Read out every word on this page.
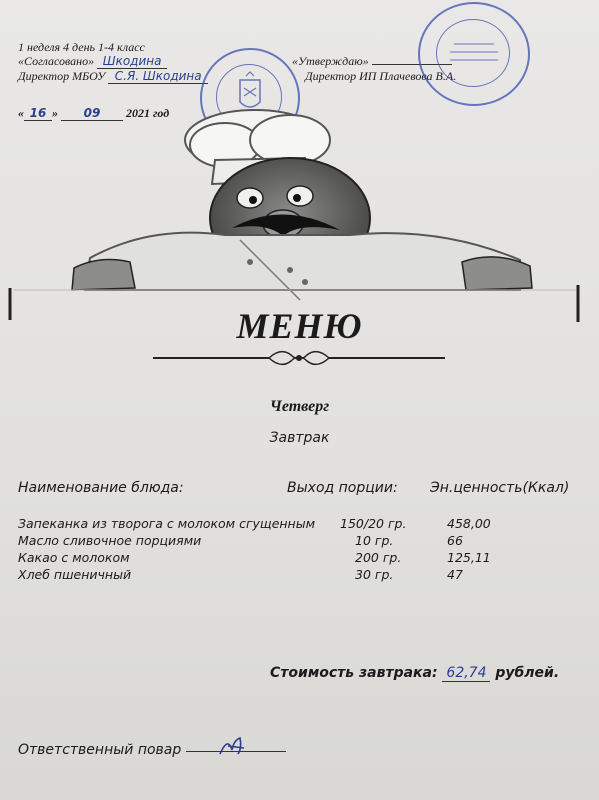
1 неделя 4 день 1-4 класс
«Согласовано» Шкодина
Директор МБОУ С.Я. Шкодина
« 16 » 09 2021 год
«Утверждаю»
Директор ИП Плачевова В.А.
МЕНЮ
Четверг
Завтрак
Наименование блюда:	Выход порции: Эн.ценность(Ккал)
Запеканка из творога с молоком сгущенным 150/20 гр.	458,00
Масло сливочное порциями	10 гр.	66
Какао с молоком	200 гр.	125,11
Хлеб пшеничный	30 гр.	47
Стоимость завтрака: 62,74 рублей.
Ответственный повар
